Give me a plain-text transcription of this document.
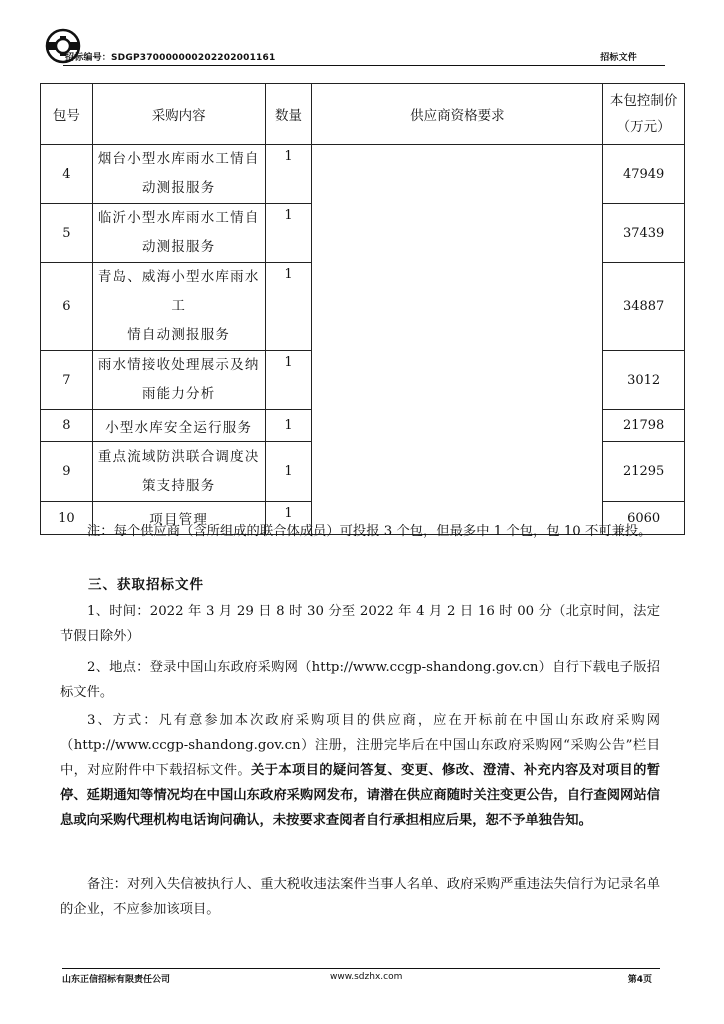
招标编号：SDGP370000000202202001161	招标文件
包号	采购内容	数量	供应商资格要求	本包控制价
（万元）

4	烟台小型水库雨水工情自
动测报服务	1		47949
5	临沂小型水库雨水工情自
动测报服务	1		37439
6	青岛、威海小型水库雨水工
情自动测报服务	1		34887
7	雨水情接收处理展示及纳
雨能力分析	1		3012
8	小型水库安全运行服务	1		21798
9	重点流域防洪联合调度决
策支持服务	1		21295
10	项目管理	1		6060
注：每个供应商（含所组成的联合体成员）可投报 3 个包，但最多中 1 个包，包 10 不可兼投。
三、获取招标文件
1、时间：2022 年 3 月 29 日 8 时 30 分至 2022 年 4 月 2 日 16 时 00 分（北京时间，法定节假日除外）
2、地点：登录中国山东政府采购网（http://www.ccgp-shandong.gov.cn）自行下载电子版招标文件。
3、方式：凡有意参加本次政府采购项目的供应商，应在开标前在中国山东政府采购网（http://www.ccgp-shandong.gov.cn）注册，注册完毕后在中国山东政府采购网“采购公告”栏目中，对应附件中下载招标文件。关于本项目的疑问答复、变更、修改、澄清、补充内容及对项目的暂停、延期通知等情况均在中国山东政府采购网发布，请潜在供应商随时关注变更公告，自行查阅网站信息或向采购代理机构电话询问确认，未按要求查阅者自行承担相应后果，恕不予单独告知。
备注：对列入失信被执行人、重大税收违法案件当事人名单、政府采购严重违法失信行为记录名单的企业，不应参加该项目。
山东正信招标有限责任公司	www.sdzhx.com	第4页
